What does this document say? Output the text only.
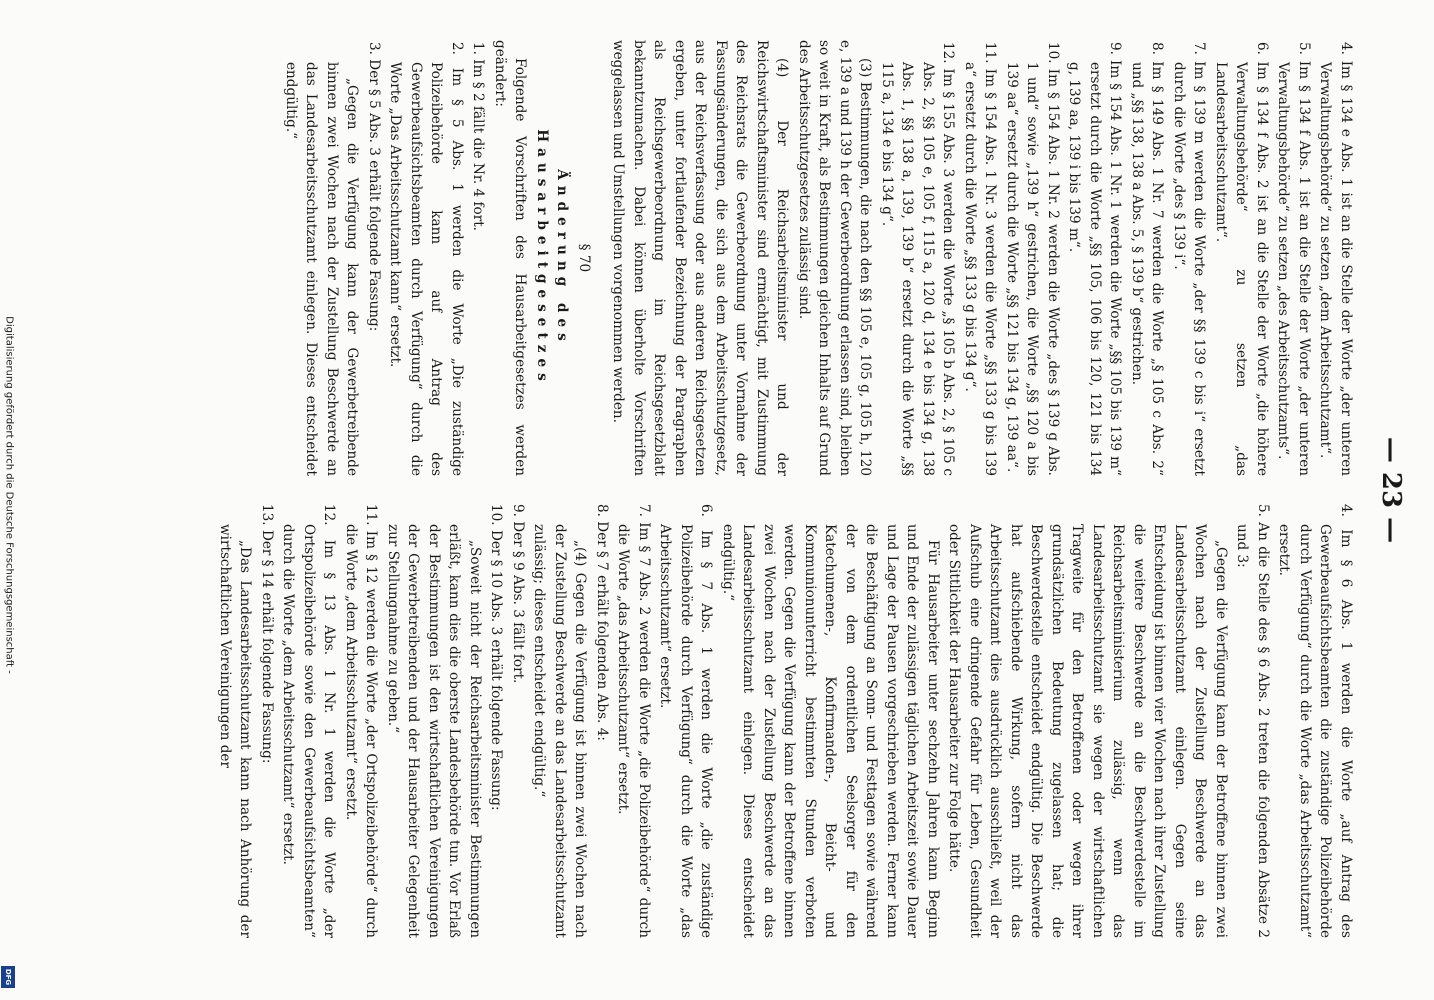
— 23 —

4. Im § 134 e Abs. 1 ist an die Stelle der Worte „der unteren Verwaltungsbehörde“ zu setzen „dem Arbeitsschutzamt“.

5. Im § 134 f Abs. 1 ist an die Stelle der Worte „der unteren Verwaltungsbehörde“ zu setzen „des Arbeitsschutzamts“.

6. Im § 134 f Abs. 2 ist an die Stelle der Worte „die höhere Verwaltungsbehörde“ zu setzen „das Landesarbeitsschutzamt“.

7. Im § 139 m werden die Worte „der §§ 139 c bis i“ ersetzt durch die Worte „des § 139 i“.

8. Im § 149 Abs. 1 Nr. 7 werden die Worte „§ 105 c Abs. 2“ und „§§ 138, 138 a Abs. 5, § 139 b“ gestrichen.

9. Im § 154 Abs. 1 Nr. 1 werden die Worte „§§ 105 bis 139 m“ ersetzt durch die Worte „§§ 105, 106 bis 120, 121 bis 134 g, 139 aa, 139 i bis 139 m“.

10. Im § 154 Abs. 1 Nr. 2 werden die Worte „des § 139 g Abs. 1 und“ sowie „139 h“ gestrichen, die Worte „§§ 120 a bis 139 aa“ ersetzt durch die Worte „§§ 121 bis 134 g, 139 aa“.

11. Im § 154 Abs. 1 Nr. 3 werden die Worte „§§ 133 g bis 139 a“ ersetzt durch die Worte „§§ 133 g bis 134 g“.

12. Im § 155 Abs. 3 werden die Worte „§ 105 b Abs. 2, § 105 c Abs. 2, §§ 105 e, 105 f, 115 a, 120 d, 134 e bis 134 g, 138 Abs. 1, §§ 138 a, 139, 139 b“ ersetzt durch die Worte „§§ 115 a, 134 e bis 134 g“.

(3) Bestimmungen, die nach den §§ 105 e, 105 g, 105 h, 120 e, 139 a und 139 h der Gewerbeordnung erlassen sind, bleiben so weit in Kraft, als Bestimmungen gleichen Inhalts auf Grund des Arbeitsschutzgesetzes zulässig sind.

(4) Der Reichsarbeitsminister und der Reichswirtschaftsminister sind ermächtigt, mit Zustimmung des Reichsrats die Gewerbeordnung unter Vornahme der Fassungsänderungen, die sich aus dem Arbeitsschutzgesetz, aus der Reichsverfassung oder aus anderen Reichsgesetzen ergeben, unter fortlaufender Bezeichnung der Paragraphen als Reichsgewerbeordnung im Reichsgesetzblatt bekanntzumachen. Dabei können überholte Vorschriften weggelassen und Umstellungen vorgenommen werden.

§ 70

Änderung des Hausarbeitgesetzes

Folgende Vorschriften des Hausarbeitgesetzes werden geändert:

1. Im § 2 fällt die Nr. 4 fort.

2. Im § 5 Abs. 1 werden die Worte „Die zuständige Polizeibehörde kann auf Antrag des Gewerbeaufsichtsbeamten durch Verfügung“ durch die Worte „Das Arbeitsschutzamt kann“ ersetzt.

3. Der § 5 Abs. 3 erhält folgende Fassung:

„Gegen die Verfügung kann der Gewerbetreibende binnen zwei Wochen nach der Zustellung Beschwerde an das Landesarbeitsschutzamt einlegen. Dieses entscheidet endgültig.“

4. Im § 6 Abs. 1 werden die Worte „auf Antrag des Gewerbeaufsichtsbeamten die zuständige Polizeibehörde durch Verfügung“ durch die Worte „das Arbeitsschutzamt“ ersetzt.

5. An die Stelle des § 6 Abs. 2 treten die folgenden Absätze 2 und 3:

„Gegen die Verfügung kann der Betroffene binnen zwei Wochen nach der Zustellung Beschwerde an das Landesarbeitsschutzamt einlegen. Gegen seine Entscheidung ist binnen vier Wochen nach ihrer Zustellung die weitere Beschwerde an die Beschwerdestelle im Reichsarbeitsministerium zulässig, wenn das Landesarbeitsschutzamt sie wegen der wirtschaftlichen Tragweite für den Betroffenen oder wegen ihrer grundsätzlichen Bedeutung zugelassen hat; die Beschwerdestelle entscheidet endgültig. Die Beschwerde hat aufschiebende Wirkung, sofern nicht das Arbeitsschutzamt dies ausdrücklich ausschließt, weil der Aufschub eine dringende Gefahr für Leben, Gesundheit oder Sittlichkeit der Hausarbeiter zur Folge hätte.

Für Hausarbeiter unter sechzehn Jahren kann Beginn und Ende der zulässigen täglichen Arbeitszeit sowie Dauer und Lage der Pausen vorgeschrieben werden. Ferner kann die Beschäftigung an Sonn- und Festtagen sowie während der von dem ordentlichen Seelsorger für den Katechumenen-, Konfirmanden-, Beicht- und Kommunionunterricht bestimmten Stunden verboten werden. Gegen die Verfügung kann der Betroffene binnen zwei Wochen nach der Zustellung Beschwerde an das Landesarbeitsschutzamt einlegen. Dieses entscheidet endgültig.“

6. Im § 7 Abs. 1 werden die Worte „die zuständige Polizeibehörde durch Verfügung“ durch die Worte „das Arbeitsschutzamt“ ersetzt.

7. Im § 7 Abs. 2 werden die Worte „die Polizeibehörde“ durch die Worte „das Arbeitsschutzamt“ ersetzt.

8. Der § 7 erhält folgenden Abs. 4:

„(4) Gegen die Verfügung ist binnen zwei Wochen nach der Zustellung Beschwerde an das Landesarbeitsschutzamt zulässig; dieses entscheidet endgültig.“

9. Der § 9 Abs. 3 fällt fort.

10. Der § 10 Abs. 3 erhält folgende Fassung:

„Soweit nicht der Reichsarbeitsminister Bestimmungen erläßt, kann dies die oberste Landesbehörde tun. Vor Erlaß der Bestimmungen ist den wirtschaftlichen Vereinigungen der Gewerbetreibenden und der Hausarbeiter Gelegenheit zur Stellungnahme zu geben.“

11. Im § 12 werden die Worte „der Ortspolizeibehörde“ durch die Worte „dem Arbeitsschutzamt“ ersetzt.

12. Im § 13 Abs. 1 Nr. 1 werden die Worte „der Ortspolizeibehörde sowie den Gewerbeaufsichtsbeamten“ durch die Worte „dem Arbeitsschutzamt“ ersetzt.

13. Der § 14 erhält folgende Fassung:

„Das Landesarbeitsschutzamt kann nach Anhörung der wirtschaftlichen Vereinigungen der

Digitalisierung gefördert durch die Deutsche Forschungsgemeinschaft -
DFG
